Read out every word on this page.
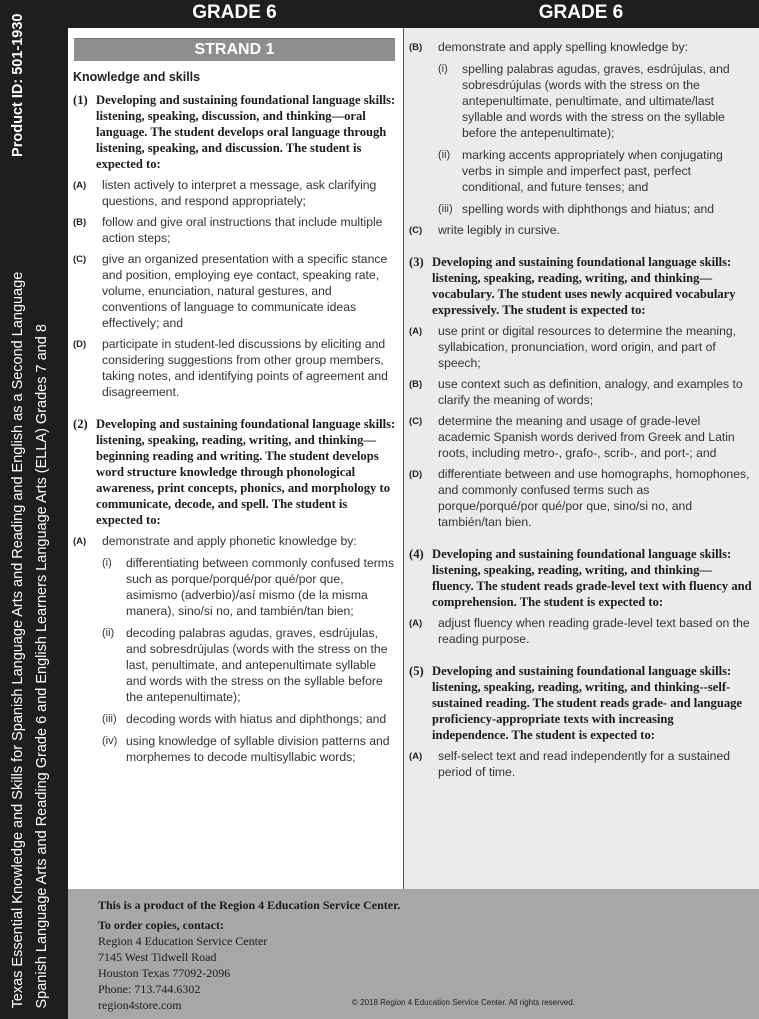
Product ID: 501-1930
Texas Essential Knowledge and Skills for Spanish Language Arts and Reading and English as a Second Language Spanish Language Arts and Reading Grade 6 and English Learners Language Arts (ELLA) Grades 7 and 8
GRADE 6	GRADE 6
STRAND 1
Knowledge and skills
(1) Developing and sustaining foundational language skills: listening, speaking, discussion, and thinking—oral language. The student develops oral language through listening, speaking, and discussion. The student is expected to:
(A) listen actively to interpret a message, ask clarifying questions, and respond appropriately;
(B) follow and give oral instructions that include multiple action steps;
(C) give an organized presentation with a specific stance and position, employing eye contact, speaking rate, volume, enunciation, natural gestures, and conventions of language to communicate ideas effectively; and
(D) participate in student-led discussions by eliciting and considering suggestions from other group members, taking notes, and identifying points of agreement and disagreement.
(2) Developing and sustaining foundational language skills: listening, speaking, reading, writing, and thinking—beginning reading and writing. The student develops word structure knowledge through phonological awareness, print concepts, phonics, and morphology to communicate, decode, and spell. The student is expected to:
(A) demonstrate and apply phonetic knowledge by:
(i) differentiating between commonly confused terms such as porque/porqué/por qué/por que, asimismo (adverbio)/así mismo (de la misma manera), sino/si no, and también/tan bien;
(ii) decoding palabras agudas, graves, esdrújulas, and sobresdrújulas (words with the stress on the last, penultimate, and antepenultimate syllable and words with the stress on the syllable before the antepenultimate);
(iii) decoding words with hiatus and diphthongs; and
(iv) using knowledge of syllable division patterns and morphemes to decode multisyllabic words;
(B) demonstrate and apply spelling knowledge by:
(i) spelling palabras agudas, graves, esdrújulas, and sobresdrújulas (words with the stress on the antepenultimate, penultimate, and ultimate/last syllable and words with the stress on the syllable before the antepenultimate);
(ii) marking accents appropriately when conjugating verbs in simple and imperfect past, perfect conditional, and future tenses; and
(iii) spelling words with diphthongs and hiatus; and
(C) write legibly in cursive.
(3) Developing and sustaining foundational language skills: listening, speaking, reading, writing, and thinking—vocabulary. The student uses newly acquired vocabulary expressively. The student is expected to:
(A) use print or digital resources to determine the meaning, syllabication, pronunciation, word origin, and part of speech;
(B) use context such as definition, analogy, and examples to clarify the meaning of words;
(C) determine the meaning and usage of grade-level academic Spanish words derived from Greek and Latin roots, including metro-, grafo-, scrib-, and port-; and
(D) differentiate between and use homographs, homophones, and commonly confused terms such as porque/porqué/por qué/por que, sino/si no, and también/tan bien.
(4) Developing and sustaining foundational language skills: listening, speaking, reading, writing, and thinking—fluency. The student reads grade-level text with fluency and comprehension. The student is expected to:
(A) adjust fluency when reading grade-level text based on the reading purpose.
(5) Developing and sustaining foundational language skills: listening, speaking, reading, writing, and thinking--self-sustained reading. The student reads grade- and language proficiency-appropriate texts with increasing independence. The student is expected to:
(A) self-select text and read independently for a sustained period of time.
This is a product of the Region 4 Education Service Center.
To order copies, contact:
Region 4 Education Service Center
7145 West Tidwell Road
Houston Texas 77092-2096
Phone: 713.744.6302
region4store.com	© 2018 Region 4 Education Service Center. All rights reserved.
